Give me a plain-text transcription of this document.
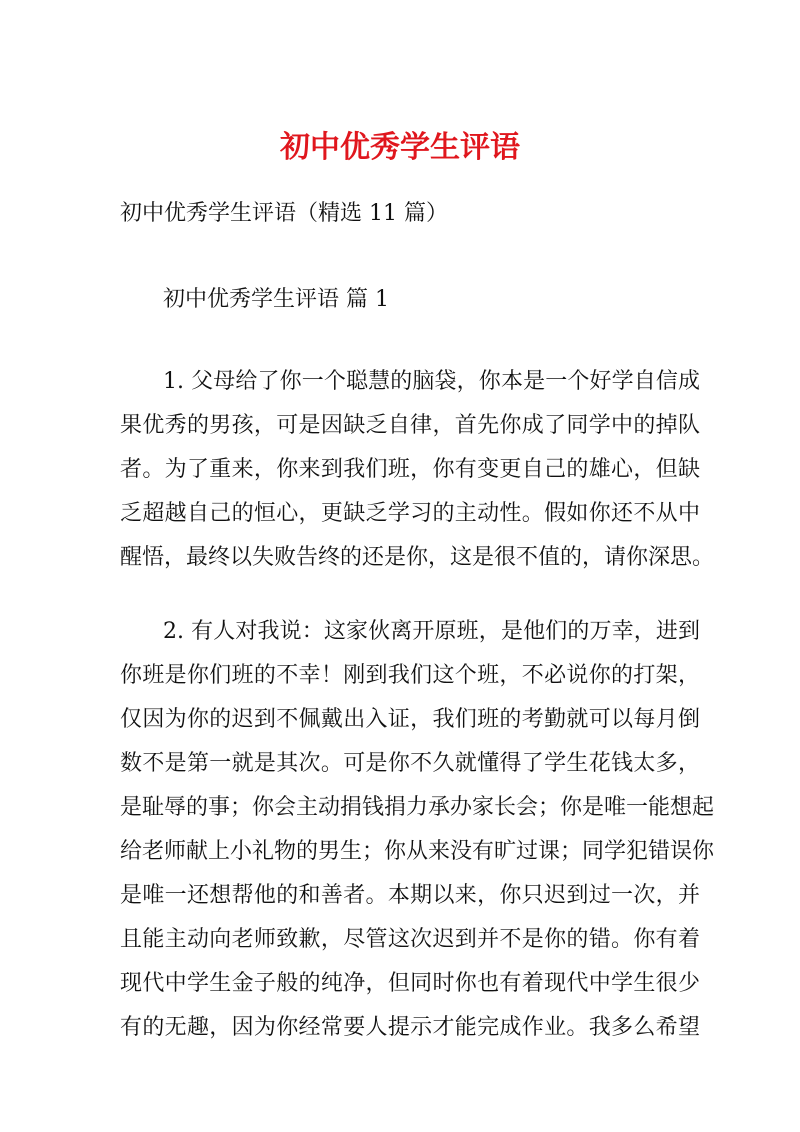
初中优秀学生评语
初中优秀学生评语（精选 11 篇）
初中优秀学生评语 篇 1
1. 父母给了你一个聪慧的脑袋，你本是一个好学自信成
果优秀的男孩，可是因缺乏自律，首先你成了同学中的掉队
者。为了重来，你来到我们班，你有变更自己的雄心，但缺
乏超越自己的恒心，更缺乏学习的主动性。假如你还不从中
醒悟，最终以失败告终的还是你，这是很不值的，请你深思。
2. 有人对我说：这家伙离开原班，是他们的万幸，进到
你班是你们班的不幸！刚到我们这个班，不必说你的打架，
仅因为你的迟到不佩戴出入证，我们班的考勤就可以每月倒
数不是第一就是其次。可是你不久就懂得了学生花钱太多，
是耻辱的事；你会主动捐钱捐力承办家长会；你是唯一能想起
给老师献上小礼物的男生；你从来没有旷过课；同学犯错误你
是唯一还想帮他的和善者。本期以来，你只迟到过一次，并
且能主动向老师致歉，尽管这次迟到并不是你的错。你有着
现代中学生金子般的纯净，但同时你也有着现代中学生很少
有的无趣，因为你经常要人提示才能完成作业。我多么希望
